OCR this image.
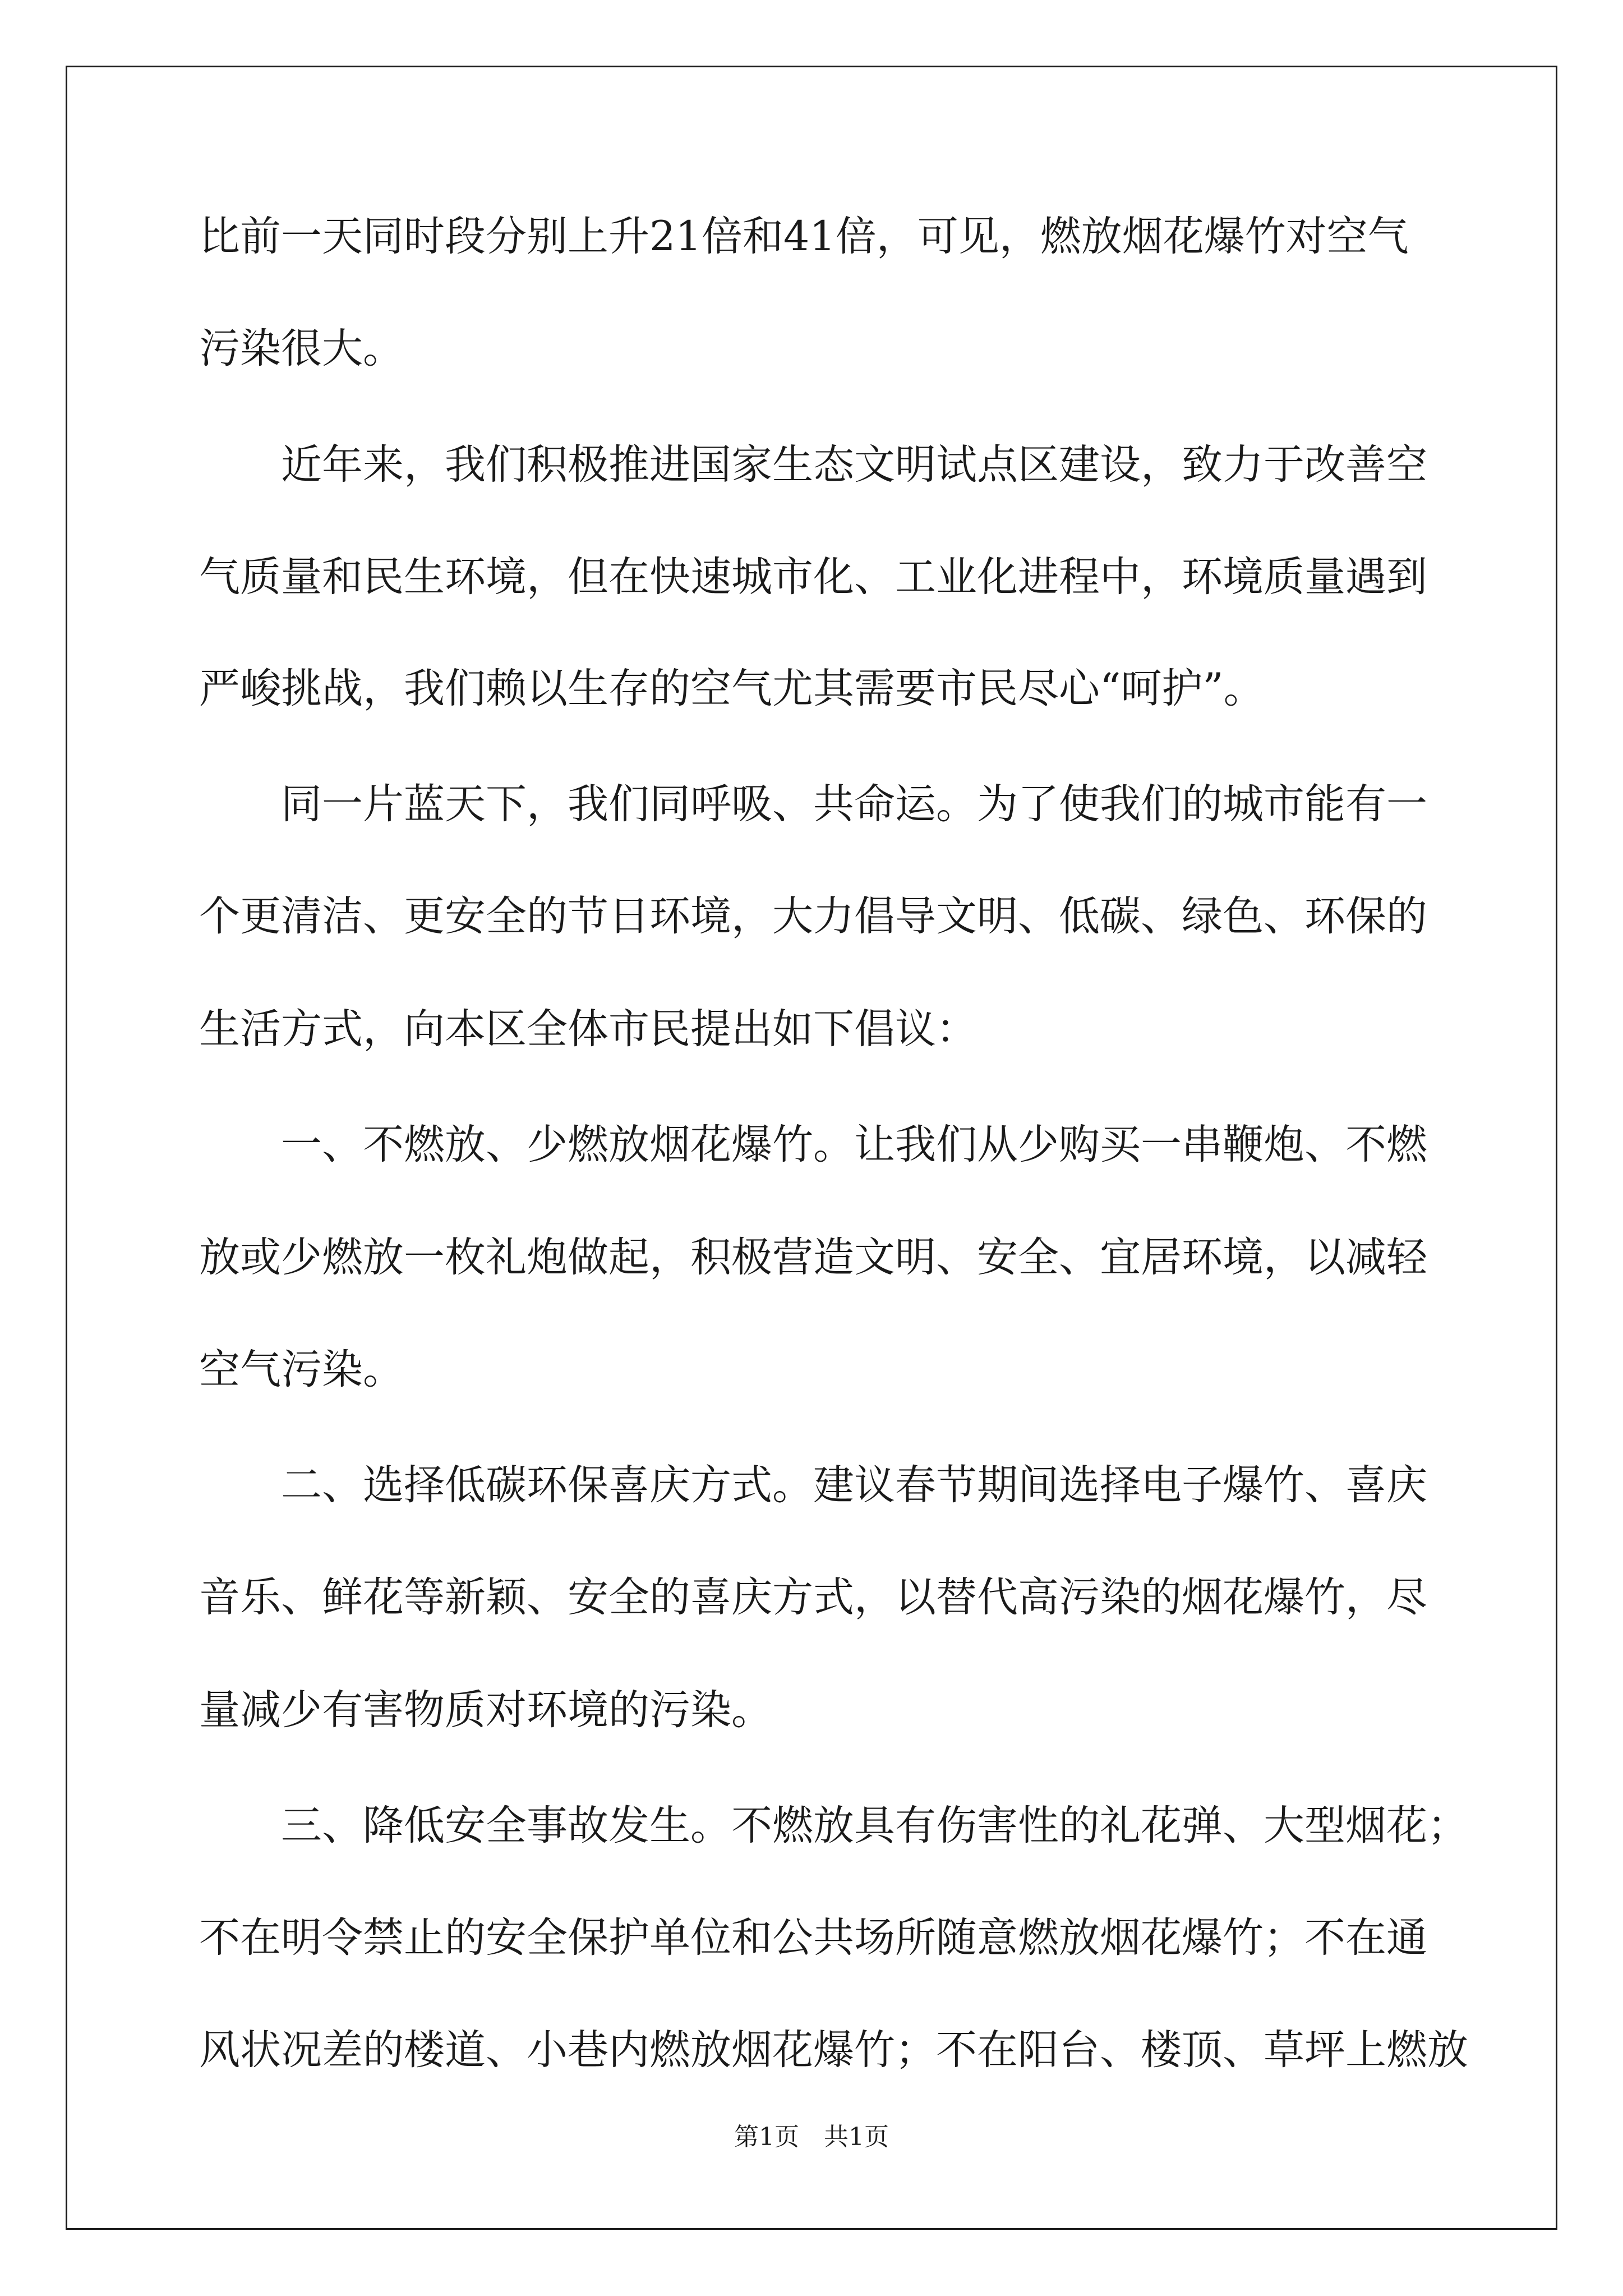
比前一天同时段分别上升21倍和41倍，可见，燃放烟花爆竹对空气
污染很大。
　　近年来，我们积极推进国家生态文明试点区建设，致力于改善空
气质量和民生环境，但在快速城市化、工业化进程中，环境质量遇到
严峻挑战，我们赖以生存的空气尤其需要市民尽心“呵护”。
　　同一片蓝天下，我们同呼吸、共命运。为了使我们的城市能有一
个更清洁、更安全的节日环境，大力倡导文明、低碳、绿色、环保的
生活方式，向本区全体市民提出如下倡议：
　　一、不燃放、少燃放烟花爆竹。让我们从少购买一串鞭炮、不燃
放或少燃放一枚礼炮做起，积极营造文明、安全、宜居环境，以减轻
空气污染。
　　二、选择低碳环保喜庆方式。建议春节期间选择电子爆竹、喜庆
音乐、鲜花等新颖、安全的喜庆方式，以替代高污染的烟花爆竹，尽
量减少有害物质对环境的污染。
　　三、降低安全事故发生。不燃放具有伤害性的礼花弹、大型烟花；
不在明令禁止的安全保护单位和公共场所随意燃放烟花爆竹；不在通
风状况差的楼道、小巷内燃放烟花爆竹；不在阳台、楼顶、草坪上燃放
第1页　共1页
